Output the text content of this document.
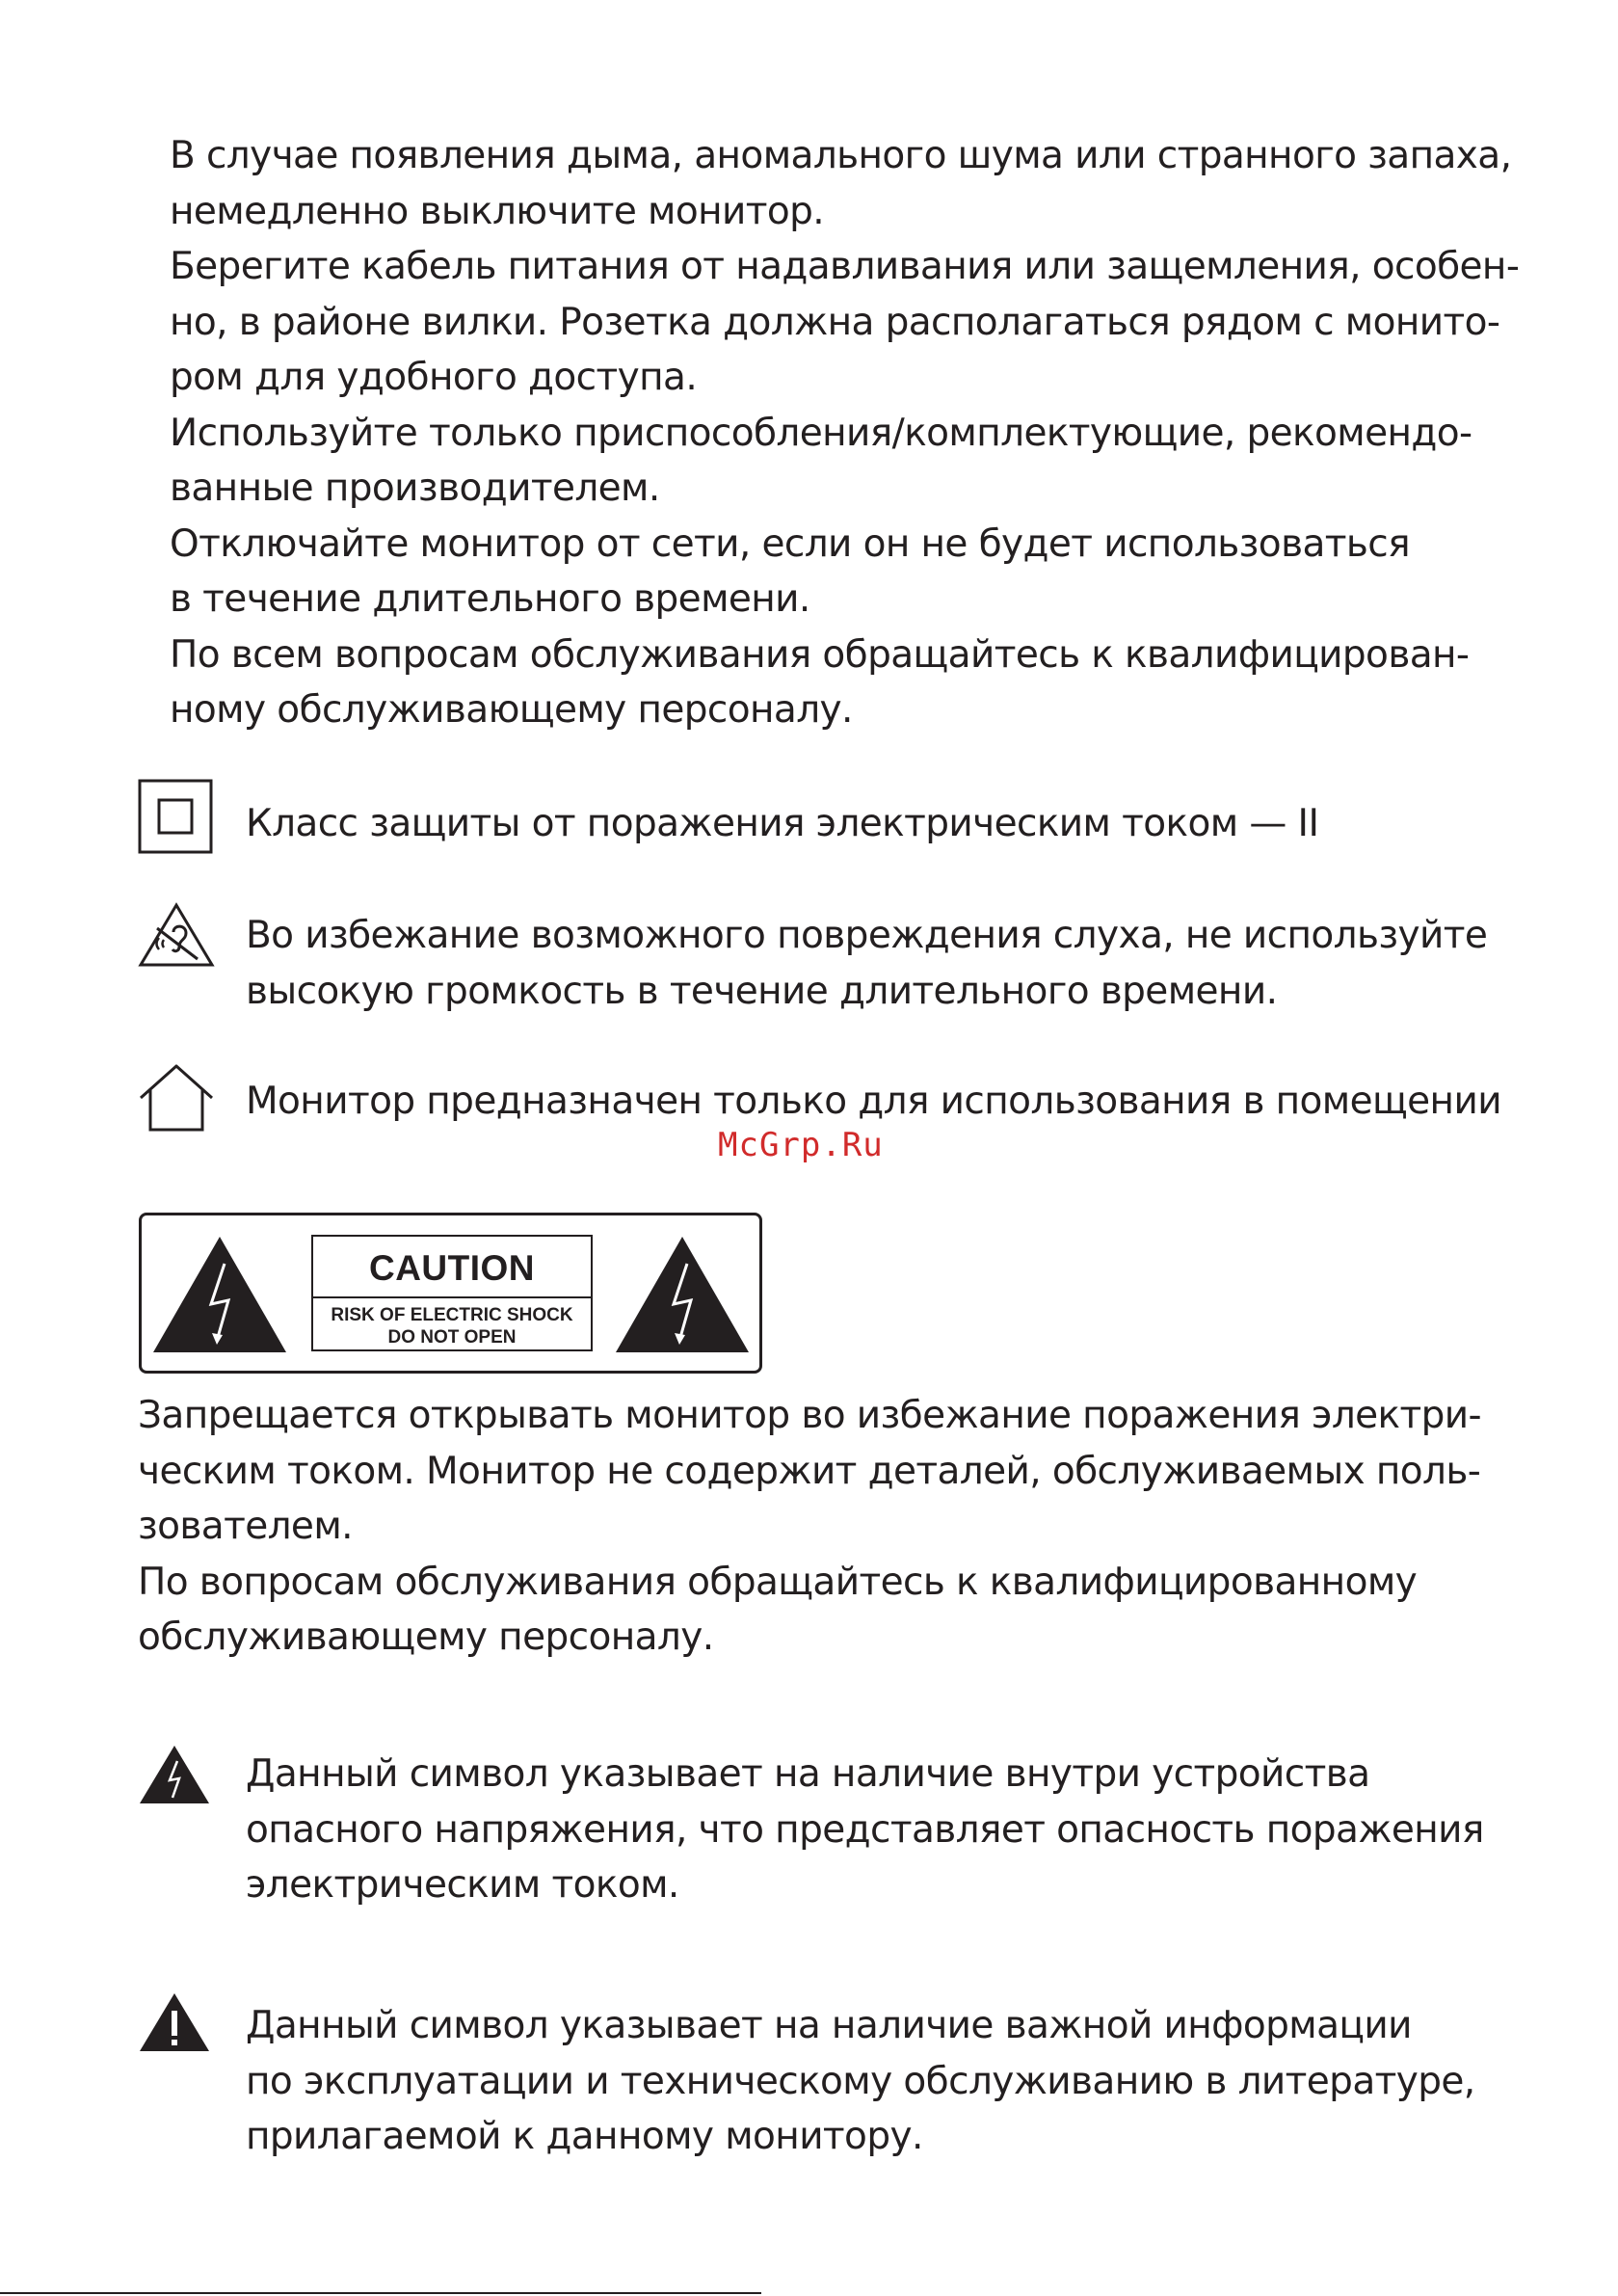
В случае появления дыма, аномального шума или странного запаха,
немедленно выключите монитор.
Берегите кабель питания от надавливания или защемления, особен-
но, в районе вилки. Розетка должна располагаться рядом с монито-
ром для удобного доступа.
Используйте только приспособления/комплектующие, рекомендо-
ванные производителем.
Отключайте монитор от сети, если он не будет использоваться
в течение длительного времени.
По всем вопросам обслуживания обращайтесь к квалифицирован-
ному обслуживающему персоналу.
Класс защиты от поражения электрическим током — II
Во избежание возможного повреждения слуха, не используйте
высокую громкость в течение длительного времени.
Монитор предназначен только для использования в помещении
McGrp.Ru
CAUTION
RISK OF ELECTRIC SHOCK
DO NOT OPEN
Запрещается открывать монитор во избежание поражения электри-
ческим током. Монитор не содержит деталей, обслуживаемых поль-
зователем.
По вопросам обслуживания обращайтесь к квалифицированному
обслуживающему персоналу.
Данный символ указывает на наличие внутри устройства
опасного напряжения, что представляет опасность поражения
электрическим током.
Данный символ указывает на наличие важной информации
по эксплуатации и техническому обслуживанию в литературе,
прилагаемой к данному монитору.
